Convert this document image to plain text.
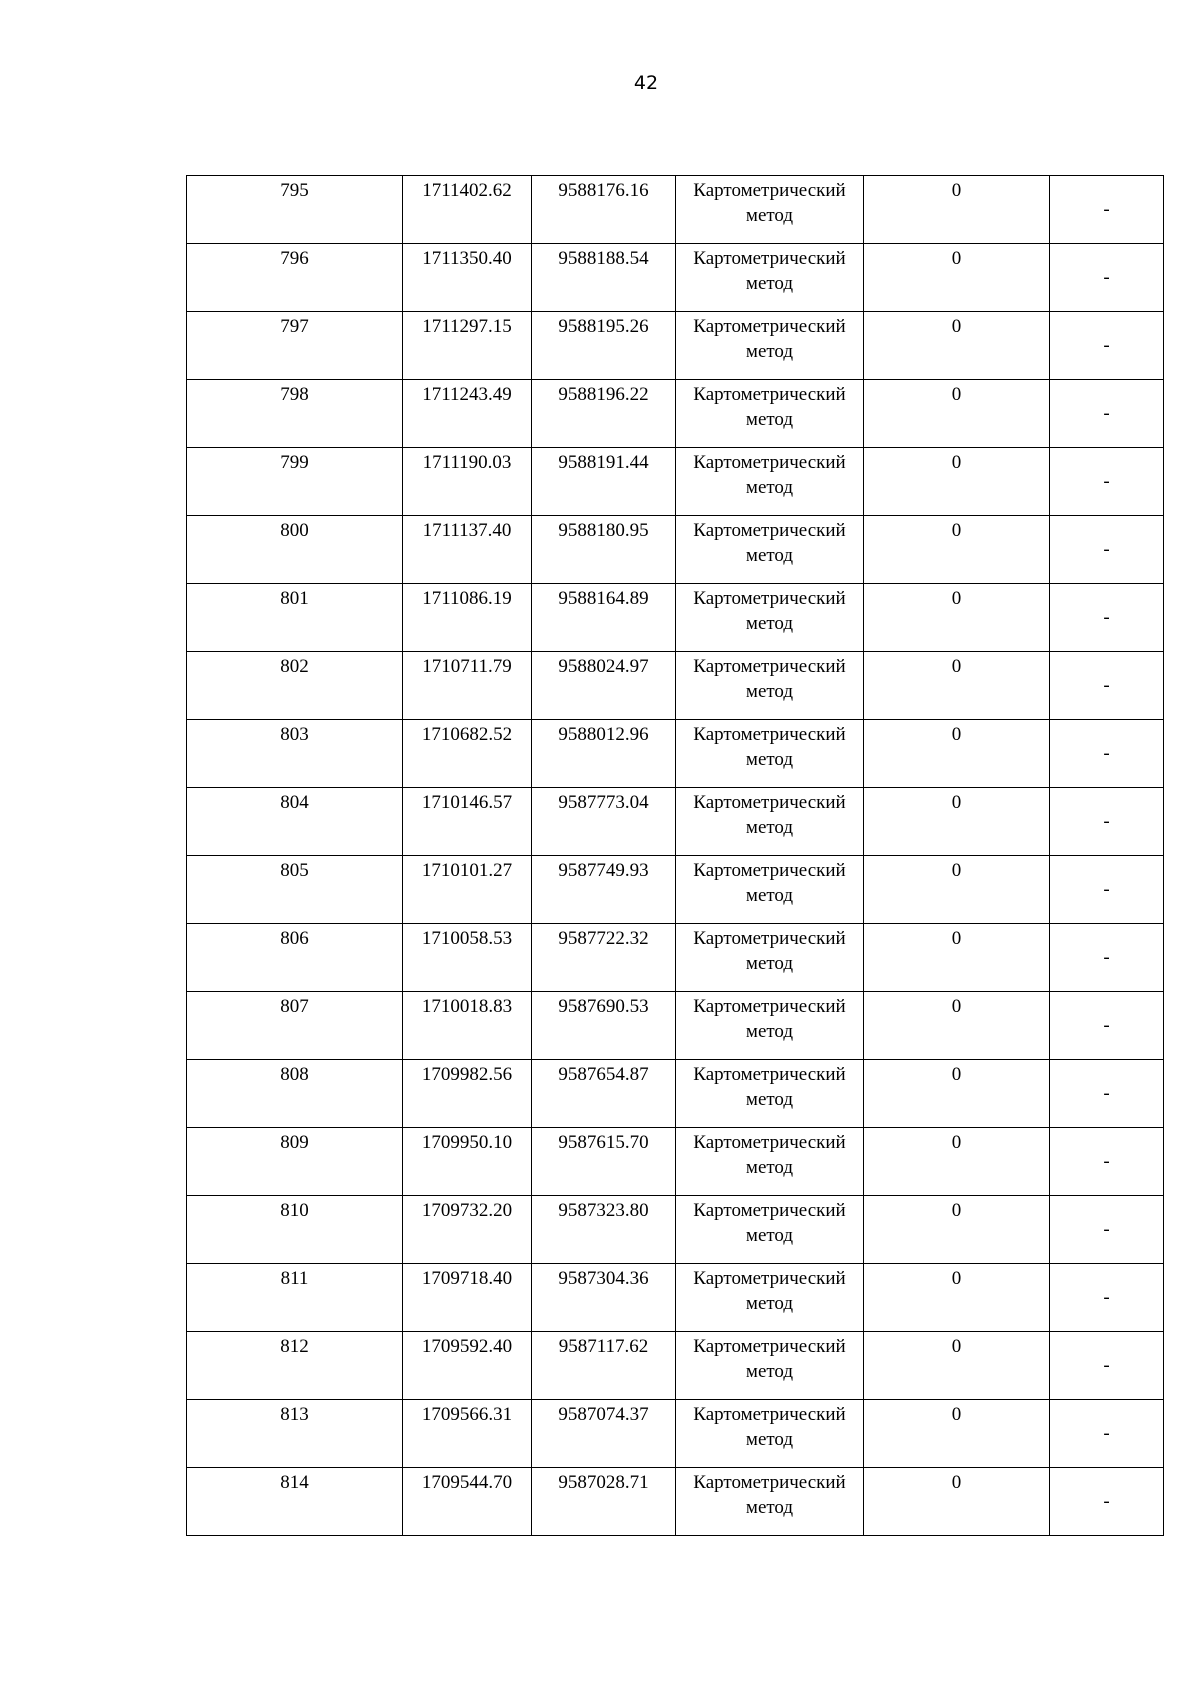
42
795	1711402.62	9588176.16	Картометрический метод	0	-

796	1711350.40	9588188.54	Картометрический метод	0	-

797	1711297.15	9588195.26	Картометрический метод	0	-

798	1711243.49	9588196.22	Картометрический метод	0	-

799	1711190.03	9588191.44	Картометрический метод	0	-

800	1711137.40	9588180.95	Картометрический метод	0	-

801	1711086.19	9588164.89	Картометрический метод	0	-

802	1710711.79	9588024.97	Картометрический метод	0	-

803	1710682.52	9588012.96	Картометрический метод	0	-

804	1710146.57	9587773.04	Картометрический метод	0	-

805	1710101.27	9587749.93	Картометрический метод	0	-

806	1710058.53	9587722.32	Картометрический метод	0	-

807	1710018.83	9587690.53	Картометрический метод	0	-

808	1709982.56	9587654.87	Картометрический метод	0	-

809	1709950.10	9587615.70	Картометрический метод	0	-

810	1709732.20	9587323.80	Картометрический метод	0	-

811	1709718.40	9587304.36	Картометрический метод	0	-

812	1709592.40	9587117.62	Картометрический метод	0	-

813	1709566.31	9587074.37	Картометрический метод	0	-

814	1709544.70	9587028.71	Картометрический метод	0	-
